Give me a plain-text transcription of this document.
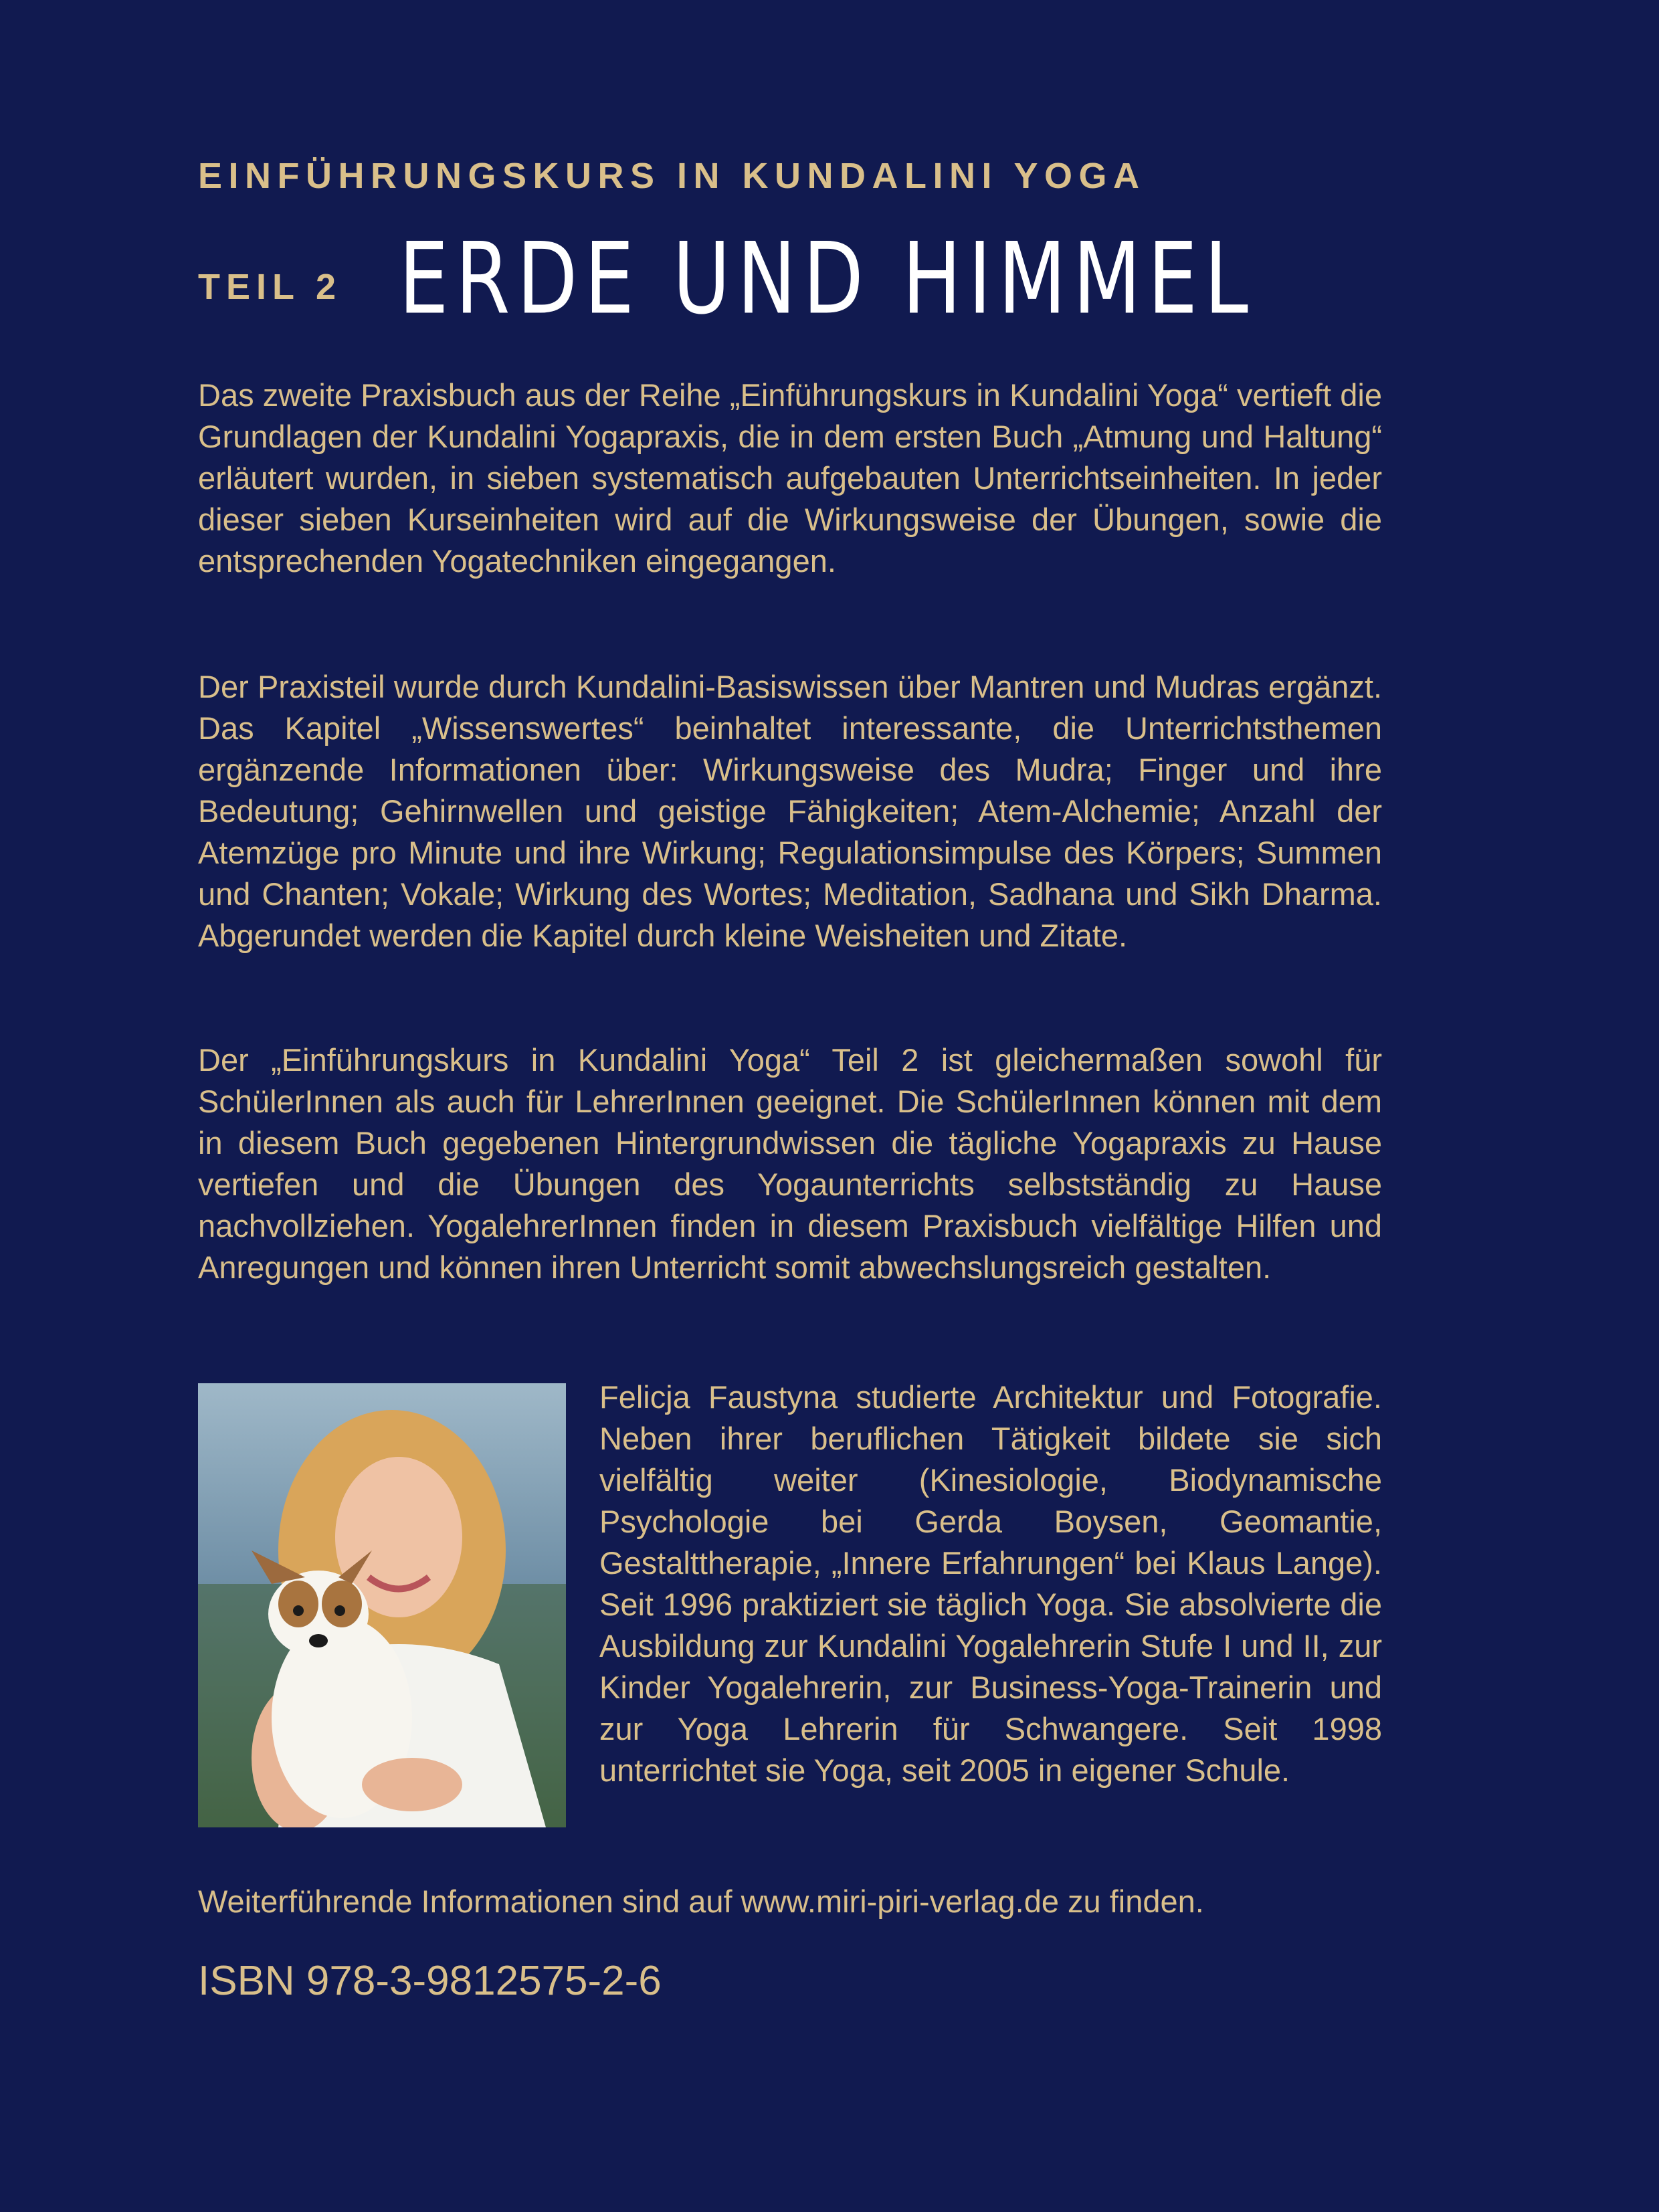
EINFÜHRUNGSKURS IN KUNDALINI YOGA
TEIL 2 ERDE UND HIMMEL

Das zweite Praxisbuch aus der Reihe „Einführungskurs in Kundalini Yoga“ vertieft die Grundlagen der Kundalini Yogapraxis, die in dem ersten Buch „Atmung und Haltung“ erläutert wurden, in sieben systematisch aufgebauten Unterrichtseinheiten. In jeder dieser sieben Kurseinheiten wird auf die Wirkungsweise der Übungen, sowie die entsprechenden Yogatechniken eingegangen.

Der Praxisteil wurde durch Kundalini-Basiswissen über Mantren und Mudras ergänzt. Das Kapitel „Wissenswertes“ beinhaltet interessante, die Unterrichtsthemen ergänzende Informationen über: Wirkungsweise des Mudra; Finger und ihre Bedeutung; Gehirnwellen und geistige Fähigkeiten; Atem-Alchemie; Anzahl der Atemzüge pro Minute und ihre Wirkung; Regulationsimpulse des Körpers; Summen und Chanten; Vokale; Wirkung des Wortes; Meditation, Sadhana und Sikh Dharma. Abgerundet werden die Kapitel durch kleine Weisheiten und Zitate.

Der „Einführungskurs in Kundalini Yoga“ Teil 2 ist gleichermaßen sowohl für SchülerInnen als auch für LehrerInnen geeignet. Die SchülerInnen können mit dem in diesem Buch gegebenen Hintergrundwissen die tägliche Yogapraxis zu Hause vertiefen und die Übungen des Yogaunterrichts selbstständig zu Hause nachvollziehen. YogalehrerInnen finden in diesem Praxisbuch vielfältige Hilfen und Anregungen und können ihren Unterricht somit abwechslungsreich gestalten.

Felicja Faustyna studierte Architektur und Fotografie. Neben ihrer beruflichen Tätigkeit bildete sie sich vielfältig weiter (Kinesiologie, Biodynamische Psychologie bei Gerda Boysen, Geomantie, Gestalttherapie, „Innere Erfahrungen“ bei Klaus Lange). Seit 1996 praktiziert sie täglich Yoga. Sie absolvierte die Ausbildung zur Kundalini Yogalehrerin Stufe I und II, zur Kinder Yogalehrerin, zur Business-Yoga-Trainerin und zur Yoga Lehrerin für Schwangere. Seit 1998 unterrichtet sie Yoga, seit 2005 in eigener Schule.

Weiterführende Informationen sind auf www.miri-piri-verlag.de zu finden.

ISBN 978-3-9812575-2-6
